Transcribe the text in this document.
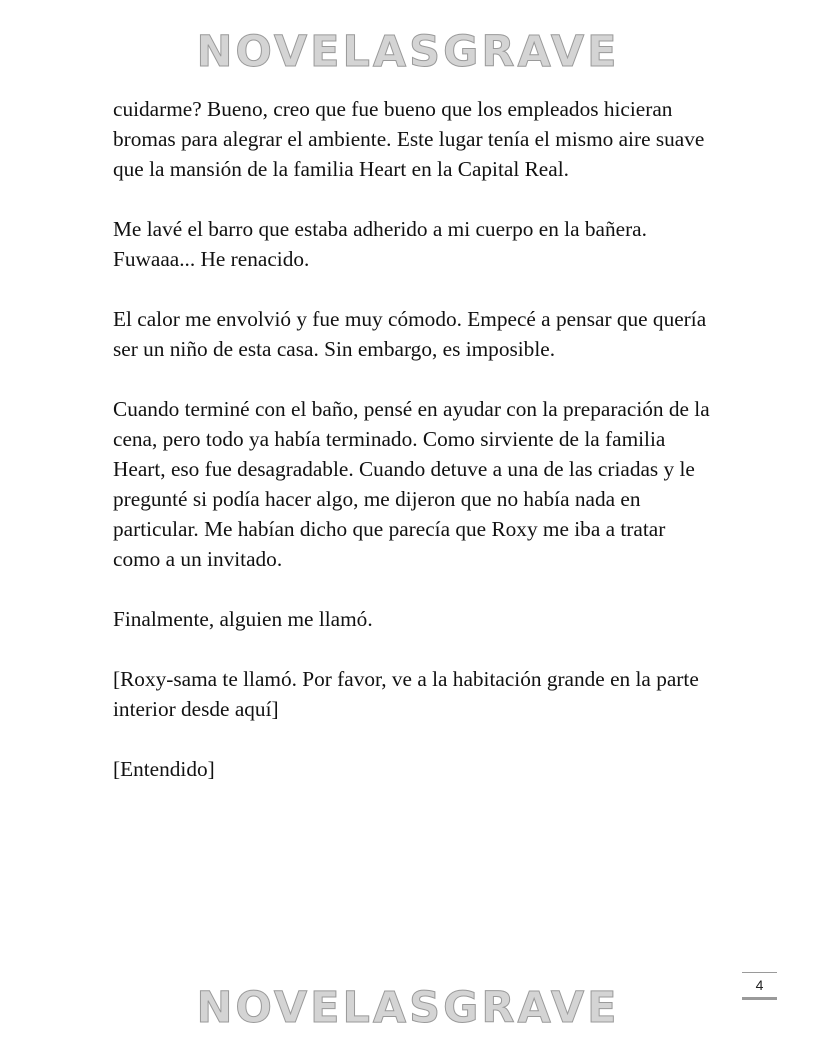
NOVELASGRAVE

cuidarme? Bueno, creo que fue bueno que los empleados hicieran bromas para alegrar el ambiente. Este lugar tenía el mismo aire suave que la mansión de la familia Heart en la Capital Real.

Me lavé el barro que estaba adherido a mi cuerpo en la bañera. Fuwaaa... He renacido.

El calor me envolvió y fue muy cómodo. Empecé a pensar que quería ser un niño de esta casa. Sin embargo, es imposible.

Cuando terminé con el baño, pensé en ayudar con la preparación de la cena, pero todo ya había terminado. Como sirviente de la familia Heart, eso fue desagradable. Cuando detuve a una de las criadas y le pregunté si podía hacer algo, me dijeron que no había nada en particular. Me habían dicho que parecía que Roxy me iba a tratar como a un invitado.

Finalmente, alguien me llamó.

[Roxy-sama te llamó. Por favor, ve a la habitación grande en la parte interior desde aquí]

[Entendido]

4
NOVELASGRAVE
